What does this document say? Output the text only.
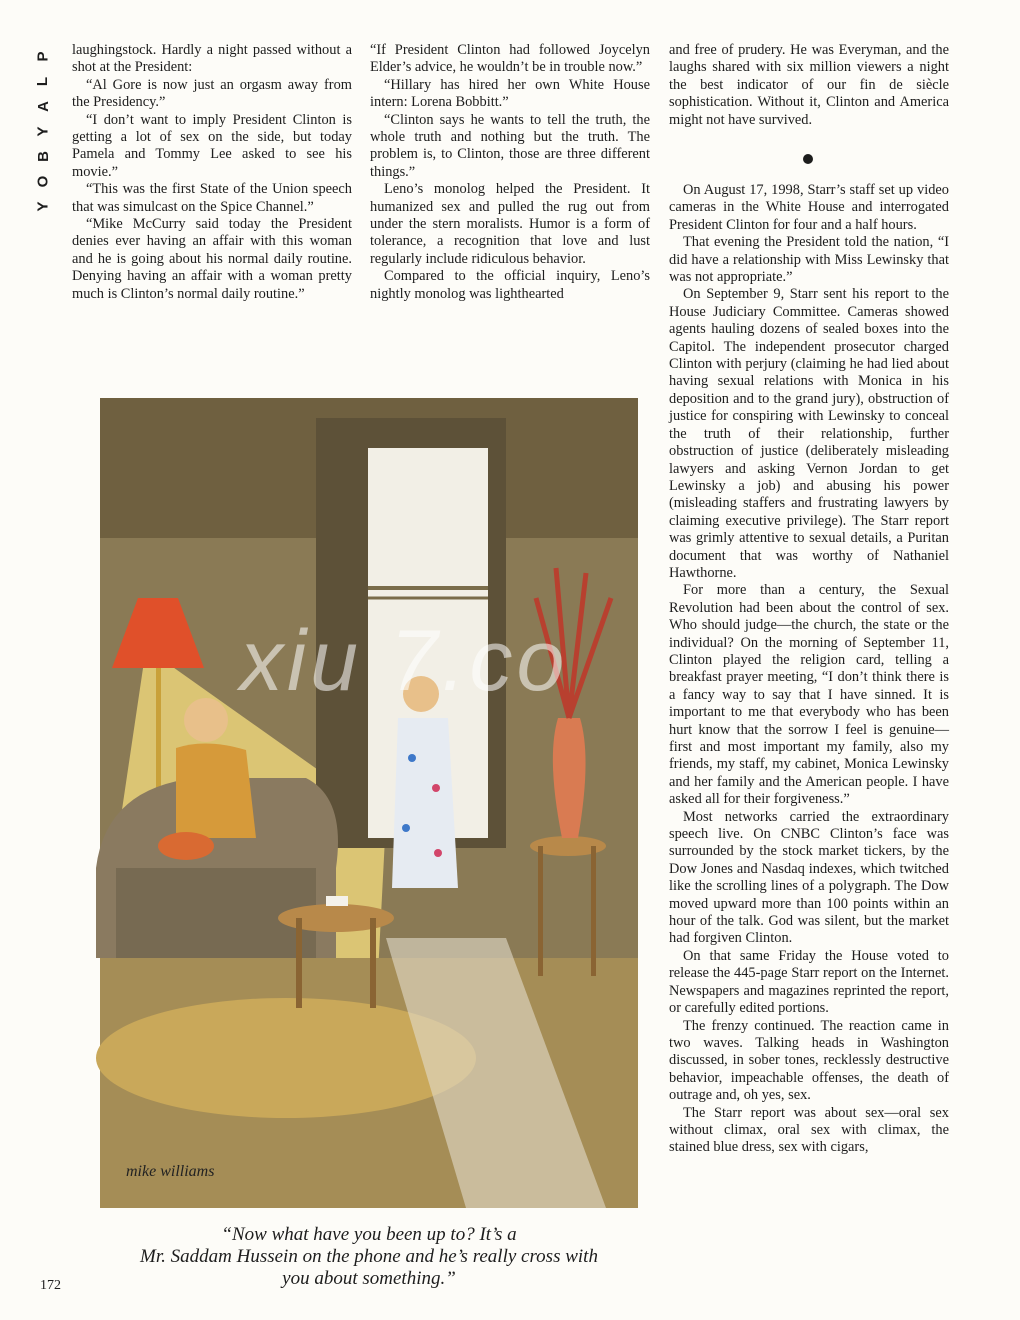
P
L
A
Y
B
O
Y

laughingstock. Hardly a night passed without a shot at the President:

“Al Gore is now just an orgasm away from the Presidency.”

“I don’t want to imply President Clinton is getting a lot of sex on the side, but today Pamela and Tommy Lee asked to see his movie.”

“This was the first State of the Union speech that was simulcast on the Spice Channel.”

“Mike McCurry said today the President denies ever having an affair with this woman and he is going about his normal daily routine. Denying having an affair with a woman pretty much is Clinton’s normal daily routine.”

“If President Clinton had followed Joycelyn Elder’s advice, he wouldn’t be in trouble now.”

“Hillary has hired her own White House intern: Lorena Bobbitt.”

“Clinton says he wants to tell the truth, the whole truth and nothing but the truth. The problem is, to Clinton, those are three different things.”

Leno’s monolog helped the President. It humanized sex and pulled the rug out from under the stern moralists. Humor is a form of tolerance, a recognition that love and lust regularly include ridiculous behavior.

Compared to the official inquiry, Leno’s nightly monolog was lighthearted

and free of prudery. He was Everyman, and the laughs shared with six million viewers a night the best indicator of our fin de siècle sophistication. Without it, Clinton and America might not have survived.

On August 17, 1998, Starr’s staff set up video cameras in the White House and interrogated President Clinton for four and a half hours.

That evening the President told the nation, “I did have a relationship with Miss Lewinsky that was not appropriate.”

On September 9, Starr sent his report to the House Judiciary Committee. Cameras showed agents hauling dozens of sealed boxes into the Capitol. The independent prosecutor charged Clinton with perjury (claiming he had lied about having sexual relations with Monica in his deposition and to the grand jury), obstruction of justice for conspiring with Lewinsky to conceal the truth of their relationship, further obstruction of justice (deliberately misleading lawyers and asking Vernon Jordan to get Lewinsky a job) and abusing his power (misleading staffers and frustrating lawyers by claiming executive privilege). The Starr report was grimly attentive to sexual details, a Puritan document that was worthy of Nathaniel Hawthorne.

For more than a century, the Sexual Revolution had been about the control of sex. Who should judge—the church, the state or the individual? On the morning of September 11, Clinton played the religion card, telling a breakfast prayer meeting, “I don’t think there is a fancy way to say that I have sinned. It is important to me that everybody who has been hurt know that the sorrow I feel is genuine—first and most important my family, also my friends, my staff, my cabinet, Monica Lewinsky and her family and the American people. I have asked all for their forgiveness.”

Most networks carried the extraordinary speech live. On CNBC Clinton’s face was surrounded by the stock market tickers, by the Dow Jones and Nasdaq indexes, which twitched like the scrolling lines of a polygraph. The Dow moved upward more than 100 points within an hour of the talk. God was silent, but the market had forgiven Clinton.

On that same Friday the House voted to release the 445-page Starr report on the Internet. Newspapers and magazines reprinted the report, or carefully edited portions.

The frenzy continued. The reaction came in two waves. Talking heads in Washington discussed, in sober tones, recklessly destructive behavior, impeachable offenses, the death of outrage and, oh yes, sex.

The Starr report was about sex—oral sex without climax, oral sex with climax, the stained blue dress, sex with cigars,

mike williams
xiu 7.co
“Now what have you been up to? It’s a
Mr. Saddam Hussein on the phone and he’s really cross with
you about something.”
172
